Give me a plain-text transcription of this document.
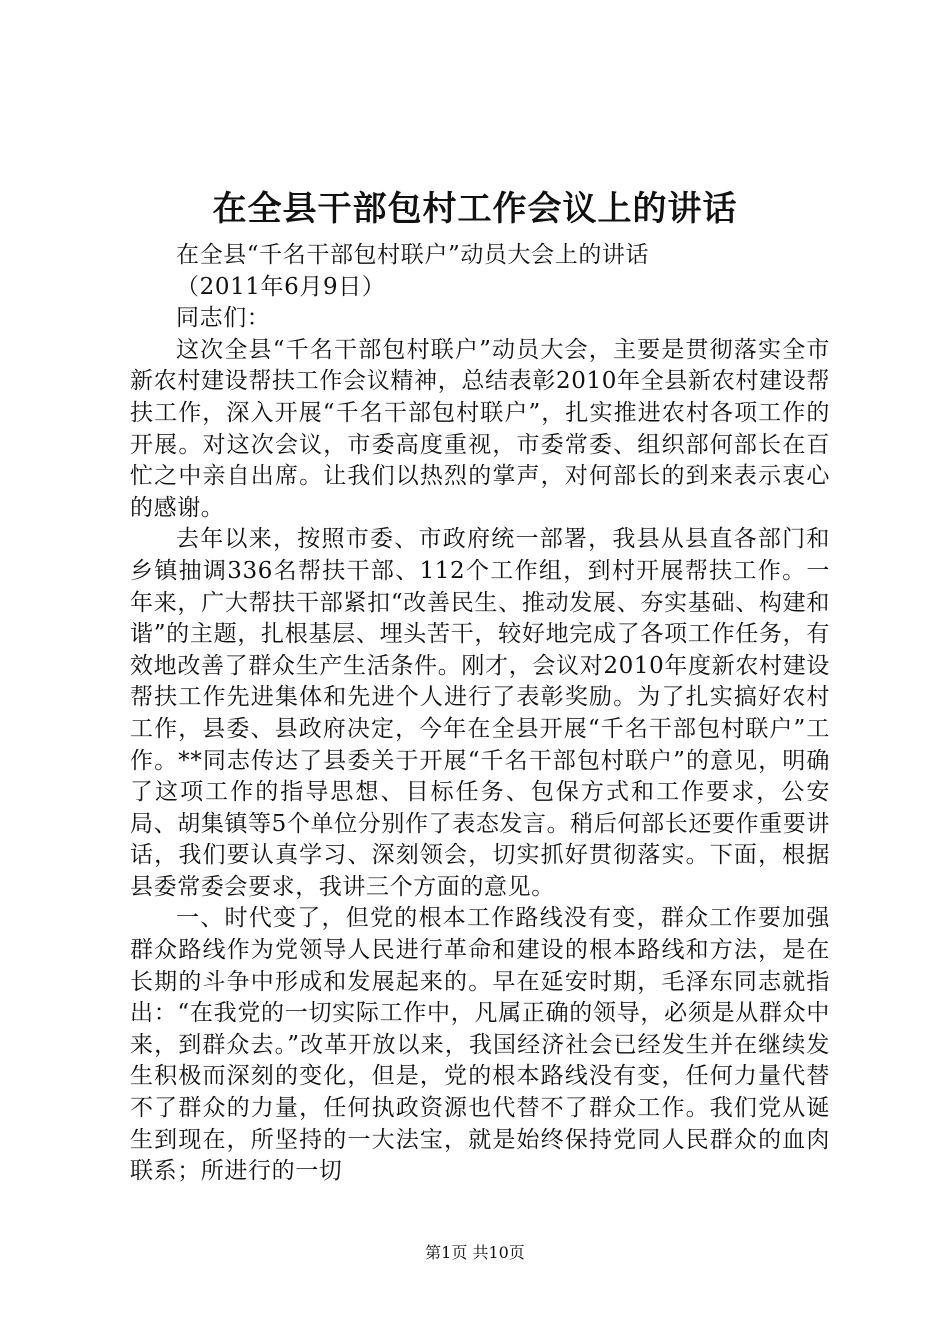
在全县干部包村工作会议上的讲话

在全县“千名干部包村联户”动员大会上的讲话

（2011年6月9日）

同志们：

这次全县“千名干部包村联户”动员大会，主要是贯彻落实全市新农村建设帮扶工作会议精神，总结表彰2010年全县新农村建设帮扶工作，深入开展“千名干部包村联户”，扎实推进农村各项工作的开展。对这次会议，市委高度重视，市委常委、组织部何部长在百忙之中亲自出席。让我们以热烈的掌声，对何部长的到来表示衷心的感谢。

去年以来，按照市委、市政府统一部署，我县从县直各部门和乡镇抽调336名帮扶干部、112个工作组，到村开展帮扶工作。一年来，广大帮扶干部紧扣“改善民生、推动发展、夯实基础、构建和谐”的主题，扎根基层、埋头苦干，较好地完成了各项工作任务，有效地改善了群众生产生活条件。刚才，会议对2010年度新农村建设帮扶工作先进集体和先进个人进行了表彰奖励。为了扎实搞好农村工作，县委、县政府决定，今年在全县开展“千名干部包村联户”工作。**同志传达了县委关于开展“千名干部包村联户”的意见，明确了这项工作的指导思想、目标任务、包保方式和工作要求，公安局、胡集镇等5个单位分别作了表态发言。稍后何部长还要作重要讲话，我们要认真学习、深刻领会，切实抓好贯彻落实。下面，根据县委常委会要求，我讲三个方面的意见。

一、时代变了，但党的根本工作路线没有变，群众工作要加强群众路线作为党领导人民进行革命和建设的根本路线和方法，是在长期的斗争中形成和发展起来的。早在延安时期，毛泽东同志就指出：“在我党的一切实际工作中，凡属正确的领导，必须是从群众中来，到群众去。”改革开放以来，我国经济社会已经发生并在继续发生积极而深刻的变化，但是，党的根本路线没有变，任何力量代替不了群众的力量，任何执政资源也代替不了群众工作。我们党从诞生到现在，所坚持的一大法宝，就是始终保持党同人民群众的血肉联系；所进行的一切

第1页 共10页
